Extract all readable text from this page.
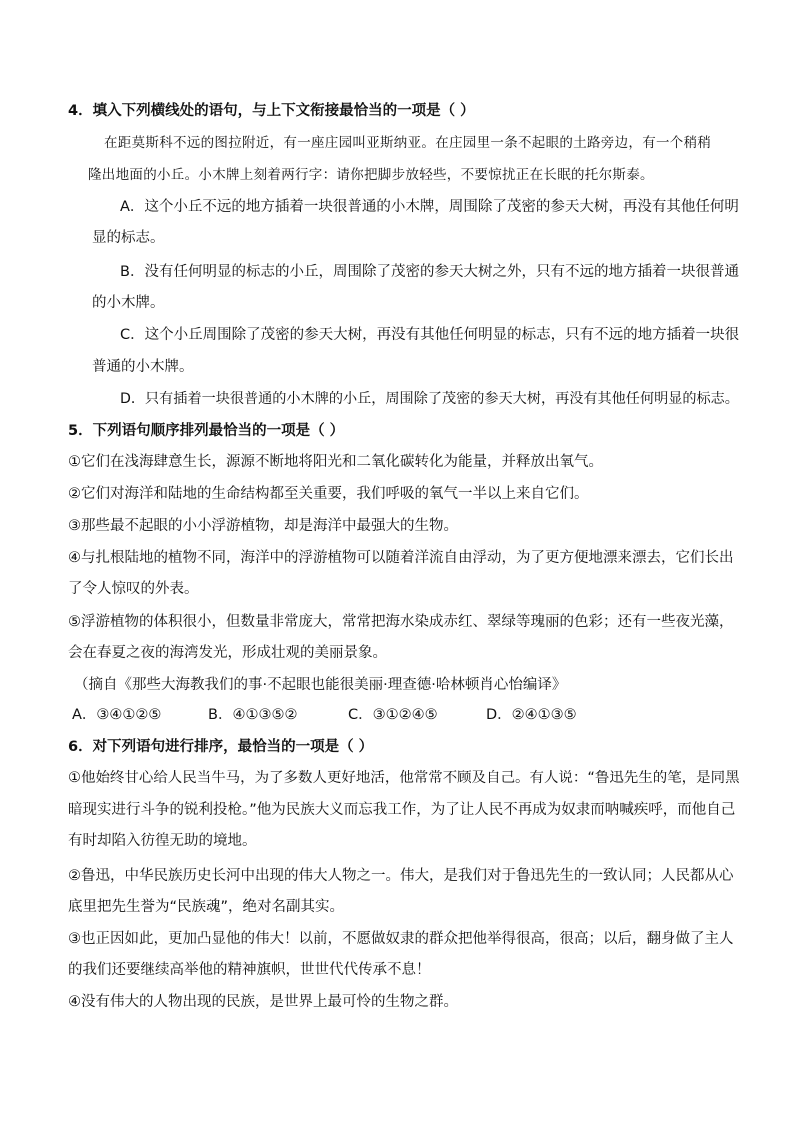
4．填入下列横线处的语句，与上下文衔接最恰当的一项是（ ）
在距莫斯科不远的图拉附近，有一座庄园叫亚斯纳亚。在庄园里一条不起眼的土路旁边，有一个稍稍
隆出地面的小丘。小木牌上刻着两行字：请你把脚步放轻些，不要惊扰正在长眠的托尔斯泰。
A．这个小丘不远的地方插着一块很普通的小木牌，周围除了茂密的参天大树，再没有其他任何明
显的标志。
B．没有任何明显的标志的小丘，周围除了茂密的参天大树之外，只有不远的地方插着一块很普通
的小木牌。
C．这个小丘周围除了茂密的参天大树，再没有其他任何明显的标志，只有不远的地方插着一块很
普通的小木牌。
D．只有插着一块很普通的小木牌的小丘，周围除了茂密的参天大树，再没有其他任何明显的标志。
5．下列语句顺序排列最恰当的一项是（ ）
①它们在浅海肆意生长，源源不断地将阳光和二氧化碳转化为能量，并释放出氧气。
②它们对海洋和陆地的生命结构都至关重要，我们呼吸的氧气一半以上来自它们。
③那些最不起眼的小小浮游植物，却是海洋中最强大的生物。
④与扎根陆地的植物不同，海洋中的浮游植物可以随着洋流自由浮动，为了更方便地漂来漂去，它们长出
了令人惊叹的外表。
⑤浮游植物的体积很小，但数量非常庞大，常常把海水染成赤红、翠绿等瑰丽的色彩；还有一些夜光藻，
会在春夏之夜的海湾发光，形成壮观的美丽景象。
（摘自《那些大海教我们的事·不起眼也能很美丽·理查德·哈林顿肖心怡编译》
A．③④①②⑤	B．④①③⑤②	C．③①②④⑤	D．②④①③⑤
6．对下列语句进行排序，最恰当的一项是（ ）
①他始终甘心给人民当牛马，为了多数人更好地活，他常常不顾及自己。有人说：“鲁迅先生的笔，是同黑
暗现实进行斗争的锐利投枪。”他为民族大义而忘我工作，为了让人民不再成为奴隶而呐喊疾呼，而他自己
有时却陷入彷徨无助的境地。
②鲁迅，中华民族历史长河中出现的伟大人物之一。伟大，是我们对于鲁迅先生的一致认同；人民都从心
底里把先生誉为“民族魂”，绝对名副其实。
③也正因如此，更加凸显他的伟大！以前，不愿做奴隶的群众把他举得很高，很高；以后，翻身做了主人
的我们还要继续高举他的精神旗帜，世世代代传承不息！
④没有伟大的人物出现的民族，是世界上最可怜的生物之群。
